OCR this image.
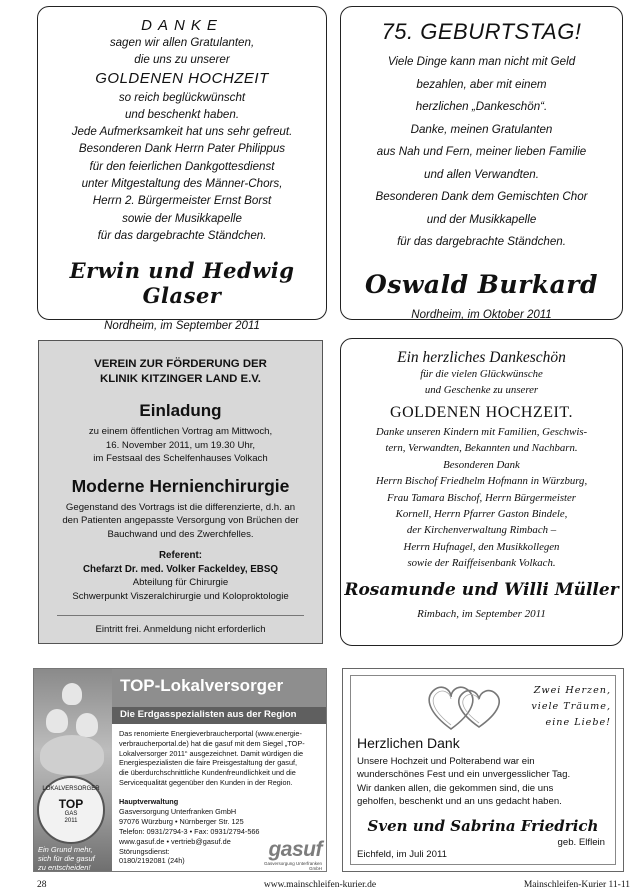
DANKE
sagen wir allen Gratulanten,
die uns zu unserer
GOLDENEN HOCHZEIT
so reich beglückwünscht
und beschenkt haben.
Jede Aufmerksamkeit hat uns sehr gefreut.
Besonderen Dank Herrn Pater Philippus
für den feierlichen Dankgottesdienst
unter Mitgestaltung des Männer-Chors,
Herrn 2. Bürgermeister Ernst Borst
sowie der Musikkapelle
für das dargebrachte Ständchen.
Erwin und Hedwig Glaser
Nordheim, im September 2011
75. GEBURTSTAG!
Viele Dinge kann man nicht mit Geld
bezahlen, aber mit einem
herzlichen „Dankeschön“.
Danke, meinen Gratulanten
aus Nah und Fern, meiner lieben Familie
und allen Verwandten.
Besonderen Dank dem Gemischten Chor
und der Musikkapelle
für das dargebrachte Ständchen.
Oswald Burkard
Nordheim, im Oktober 2011
VEREIN ZUR FÖRDERUNG DER
KLINIK KITZINGER LAND E.V.
Einladung
zu einem öffentlichen Vortrag am Mittwoch,
16. November 2011, um 19.30 Uhr,
im Festsaal des Schelfenhauses Volkach
Moderne Hernienchirurgie
Gegenstand des Vortrags ist die differenzierte, d.h. an
den Patienten angepasste Versorgung von Brüchen der
Bauchwand und des Zwerchfelles.
Referent:
Chefarzt Dr. med. Volker Fackeldey, EBSQ
Abteilung für Chirurgie
Schwerpunkt Viszeralchirurgie und Koloproktologie
Eintritt frei. Anmeldung nicht erforderlich
Ein herzliches Dankeschön
für die vielen Glückwünsche
und Geschenke zu unserer
GOLDENEN HOCHZEIT.
Danke unseren Kindern mit Familien, Geschwis-
tern, Verwandten, Bekannten und Nachbarn.
Besonderen Dank
Herrn Bischof Friedhelm Hofmann in Würzburg,
Frau Tamara Bischof, Herrn Bürgermeister
Kornell, Herrn Pfarrer Gaston Bindele,
der Kirchenverwaltung Rimbach –
Herrn Hufnagel, den Musikkollegen
sowie der Raiffeisenbank Volkach.
Rosamunde und Willi Müller
Rimbach, im September 2011
TOP-Lokalversorger
Die Erdgasspezialisten aus der Region
Das renomierte Energieverbraucherportal (www.energie-
verbraucherportal.de) hat die gasuf mit dem Siegel „TOP-
Lokalversorger 2011“ ausgezeichnet. Damit würdigen die
Energiespezialisten die faire Preisgestaltung der gasuf,
die überdurchschnittliche Kundenfreundlichkeit und die
Servicequalität gegenüber den Kunden in der Region.
Hauptverwaltung
Gasversorgung Unterfranken GmbH
97076 Würzburg • Nürnberger Str. 125
Telefon: 0931/2794-3 • Fax: 0931/2794-566
www.gasuf.de • vertrieb@gasuf.de
Störungsdienst:
0180/2192081 (24h)
LOKALVERSORGER
TOP
GAS
2011
Ein Grund mehr,
sich für die gasuf
zu entscheiden!
gasuf
Gasversorgung Unterfranken GmbH
Zwei Herzen,
viele Träume,
eine Liebe!
Herzlichen Dank
Unsere Hochzeit und Polterabend war ein
wunderschönes Fest und ein unvergesslicher Tag.
Wir danken allen, die gekommen sind, die uns
geholfen, beschenkt und an uns gedacht haben.
Sven und Sabrina Friedrich
geb. Elflein
Eichfeld, im Juli 2011
28	www.mainschleifen-kurier.de	Mainschleifen-Kurier 11-11
